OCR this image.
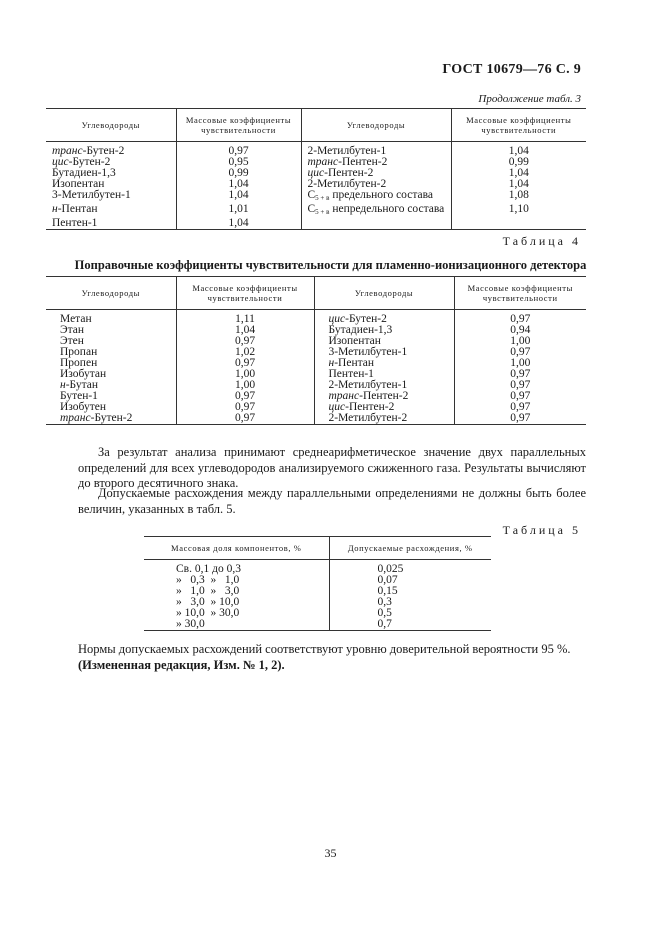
ГОСТ 10679—76 С. 9
Продолжение табл. 3
Углеводороды	Массовые коэффициенты чувствительности	Углеводороды	Массовые коэффициенты чувствительности
транс-Бутен-2	0,97	2-Метилбутен-1	1,04
цис-Бутен-2	0,95	транс-Пентен-2	0,99
Бутадиен-1,3	0,99	цис-Пентен-2	1,04
Изопентан	1,04	2-Метилбутен-2	1,04
3-Метилбутен-1	1,04	$С_{5 + в}$ предельного состава	1,08
н-Пентан	1,01	$С_{5 + в}$ непредельного состава	1,10
Пентен-1	1,04		
Таблица 4
Поправочные коэффициенты чувствительности для пламенно-ионизационного детектора
Углеводороды	Массовые коэффициенты чувствительности	Углеводороды	Массовые коэффициенты чувствительности
Метан	1,11	цис-Бутен-2	0,97
Этан	1,04	Бутадиен-1,3	0,94
Этен	0,97	Изопентан	1,00
Пропан	1,02	3-Метилбутен-1	0,97
Пропен	0,97	н-Пентан	1,00
Изобутан	1,00	Пентен-1	0,97
н-Бутан	1,00	2-Метилбутен-1	0,97
Бутен-1	0,97	транс-Пентен-2	0,97
Изобутен	0,97	цис-Пентен-2	0,97
транс-Бутен-2	0,97	2-Метилбутен-2	0,97
За результат анализа принимают среднеарифметическое значение двух параллельных определений для всех углеводородов анализируемого сжиженного газа. Результаты вычисляют до второго десятичного знака.
Допускаемые расхождения между параллельными определениями не должны быть более величин, указанных в табл. 5.
Таблица 5
Массовая доля компонентов, %	Допускаемые расхождения, %
Св. 0,1 до 0,3	0,025
»   0,3  »   1,0	0,07
»   1,0  »   3,0	0,15
»   3,0  » 10,0	0,3
» 10,0  » 30,0	0,5
» 30,0	0,7
Нормы допускаемых расхождений соответствуют уровню доверительной вероятности 95 %.
(Измененная редакция, Изм. № 1, 2).
35
